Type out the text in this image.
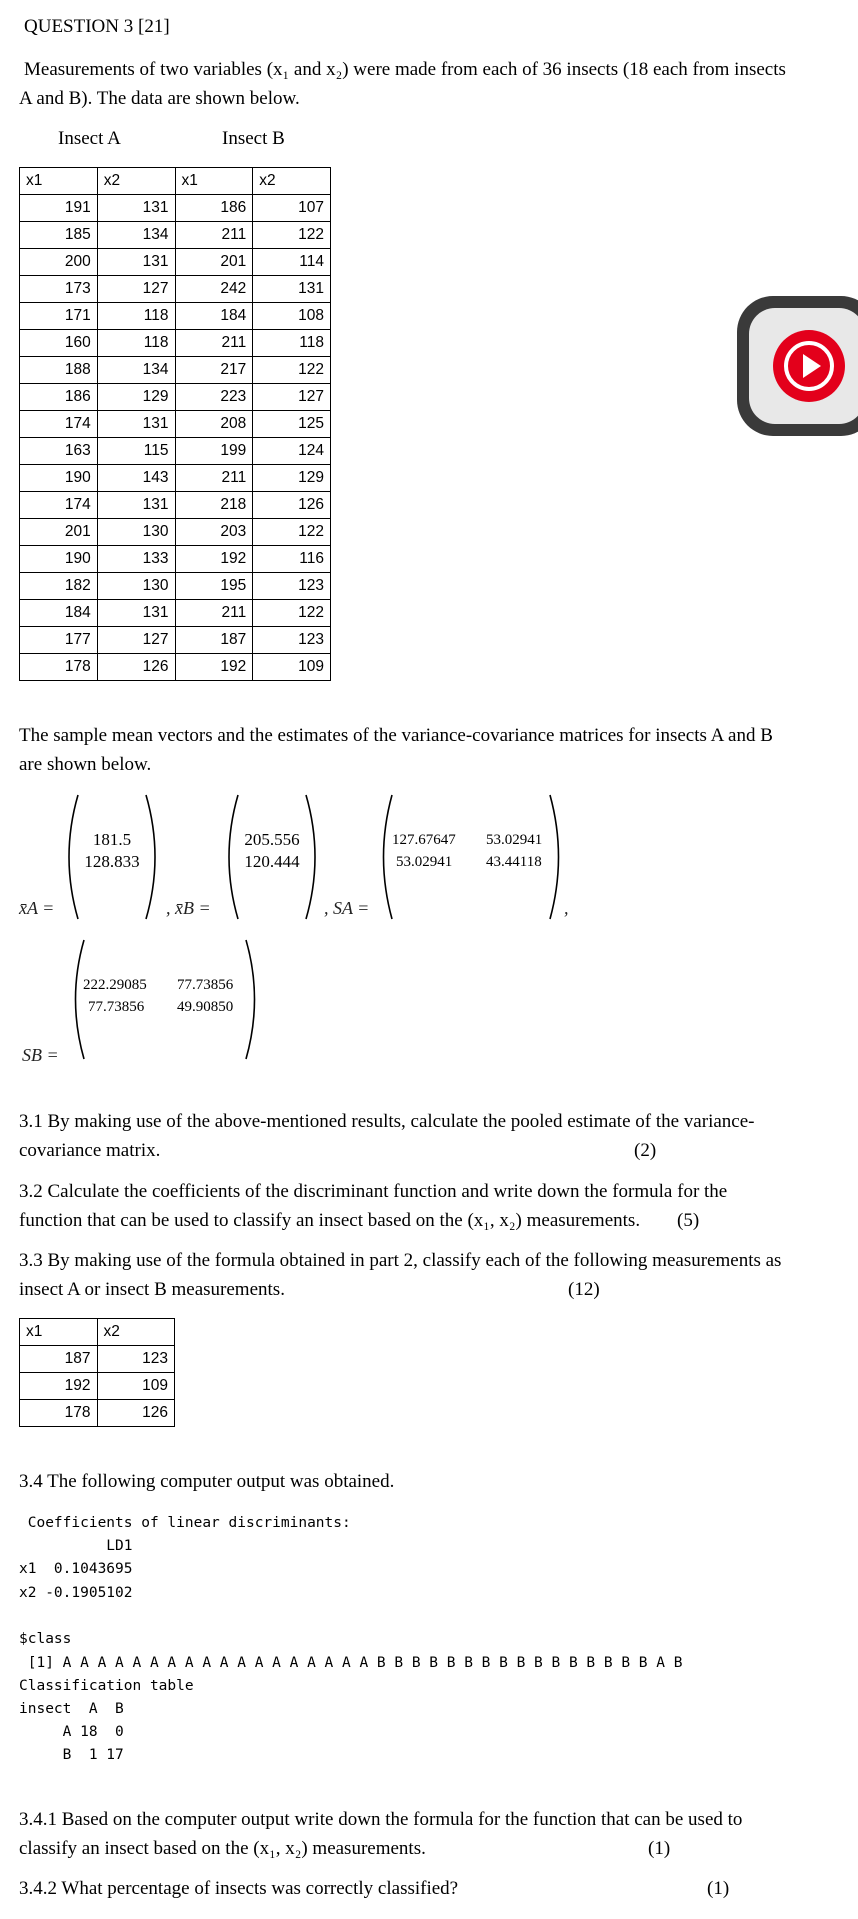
QUESTION 3 [21]
Measurements of two variables (x₁ and x₂) were made from each of 36 insects (18 each from insects
A and B). The data are shown below.
Insect A	Insect B
x1	x2	x1	x2
191	131	186	107
185	134	211	122
200	131	201	114
173	127	242	131
171	118	184	108
160	118	211	118
188	134	217	122
186	129	223	127
174	131	208	125
163	115	199	124
190	143	211	129
174	131	218	126
201	130	203	122
190	133	192	116
182	130	195	123
184	131	211	122
177	127	187	123
178	126	192	109
The sample mean vectors and the estimates of the variance-covariance matrices for insects A and B
are shown below.
x̄A =
181.5
128.833
, x̄B =
205.556
120.444
, SA =
127.67647 53.02941
53.02941 43.44118
,
SB =
222.29085 77.73856
77.73856 49.90850
3.1 By making use of the above-mentioned results, calculate the pooled estimate of the variance-
covariance matrix.	(2)
3.2 Calculate the coefficients of the discriminant function and write down the formula for the
function that can be used to classify an insect based on the (x₁, x₂) measurements. (5)
3.3 By making use of the formula obtained in part 2, classify each of the following measurements as
insect A or insect B measurements.	(12)
x1	x2
187	123
192	109
178	126
3.4 The following computer output was obtained.
Coefficients of linear discriminants:
LD1
x1  0.1043695
x2 -0.1905102
$class
[1] A A A A A A A A A A A A A A A A A A B B B B B B B B B B B B B B B B A B
Classification table
insect  A  B
A 18  0
B  1 17
3.4.1 Based on the computer output write down the formula for the function that can be used to
classify an insect based on the (x₁, x₂) measurements.	(1)
3.4.2 What percentage of insects was correctly classified?	(1)
